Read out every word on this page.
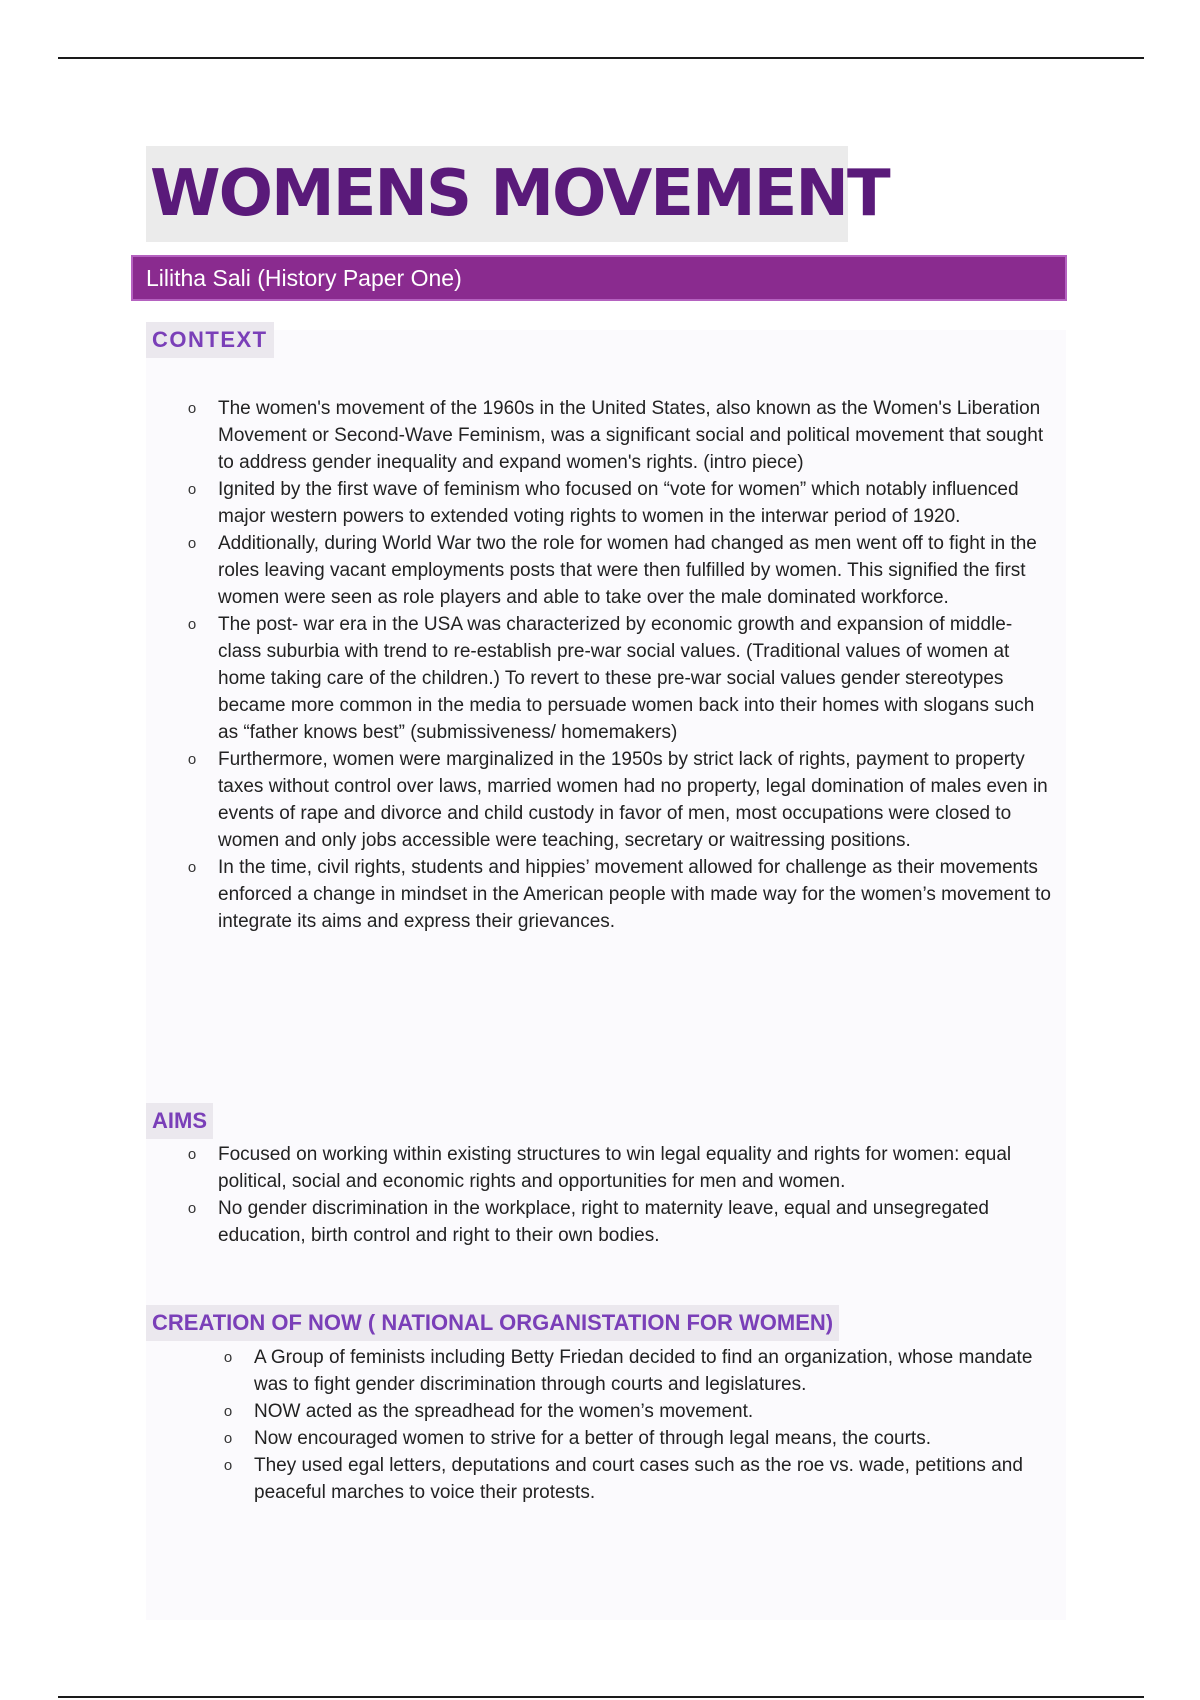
WOMENS MOVEMENT
Lilitha Sali (History Paper One)
CONTEXT
o	The women's movement of the 1960s in the United States, also known as the Women's Liberation Movement or Second-Wave Feminism, was a significant social and political movement that sought to address gender inequality and expand women's rights. (intro piece)
o	Ignited by the first wave of feminism who focused on “vote for women” which notably influenced major western powers to extended voting rights to women in the interwar period of 1920.
o	Additionally, during World War two the role for women had changed as men went off to fight in the roles leaving vacant employments posts that were then fulfilled by women. This signified the first women were seen as role players and able to take over the male dominated workforce.
o	The post- war era in the USA was characterized by economic growth and expansion of middle-class suburbia with trend to re-establish pre-war social values. (Traditional values of women at home taking care of the children.) To revert to these pre-war social values gender stereotypes became more common in the media to persuade women back into their homes with slogans such as “father knows best” (submissiveness/ homemakers)
o	Furthermore, women were marginalized in the 1950s by strict lack of rights, payment to property taxes without control over laws, married women had no property, legal domination of males even in events of rape and divorce and child custody in favor of men, most occupations were closed to women and only jobs accessible were teaching, secretary or waitressing positions.
o	In the time, civil rights, students and hippies’ movement allowed for challenge as their movements enforced a change in mindset in the American people with made way for the women’s movement to integrate its aims and express their grievances.
AIMS
o	Focused on working within existing structures to win legal equality and rights for women: equal political, social and economic rights and opportunities for men and women.
o	No gender discrimination in the workplace, right to maternity leave, equal and unsegregated education, birth control and right to their own bodies.
CREATION OF NOW ( NATIONAL ORGANISTATION FOR WOMEN)
o	A Group of feminists including Betty Friedan decided to find an organization, whose mandate was to fight gender discrimination through courts and legislatures.
o	NOW acted as the spreadhead for the women’s movement.
o	Now encouraged women to strive for a better of through legal means, the courts.
o	They used egal letters, deputations and court cases such as the roe vs. wade, petitions and peaceful marches to voice their protests.
